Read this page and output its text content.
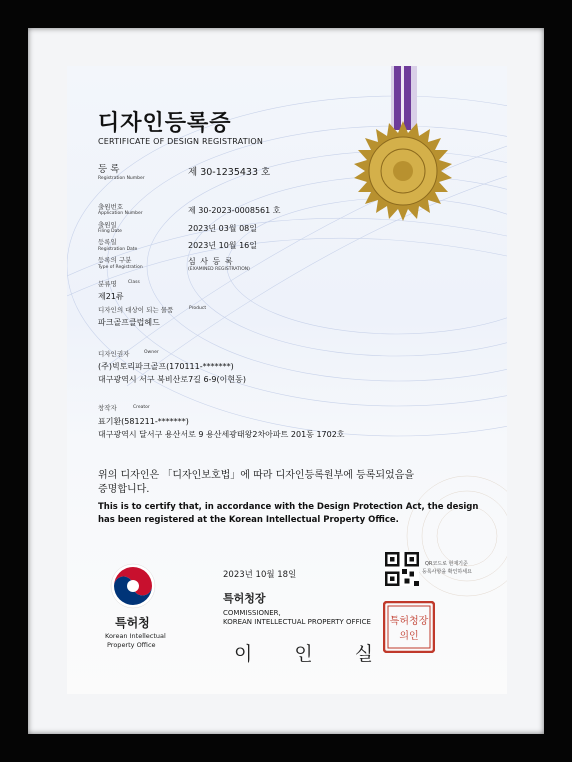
디자인등록증
CERTIFICATE OF DESIGN REGISTRATION
등 록
Registration Number
제 30-1235433 호
출원번호
Application Number	제 30-2023-0008561 호
출원일
Filing Date	2023년 03월 08일
등록일
Registration Date	2023년 10월 16일
등록의 구분
Type of Registration
심 사 등 록
(EXAMINED REGISTRATION)
분류명 Class
제21류
디자인의 대상이 되는 물품	Product
파크골프클럽헤드
디자인권자	Owner
(주)빅토리파크골프(170111-*******)
대구광역시 서구 북비산로7길 6-9(이현동)
창작자	Creator
표기환(581211-*******)
대구광역시 달서구 용산서로 9 용산세광태왕2차아파트 201동 1702호
위의 디자인은 「디자인보호법」에 따라 디자인등록원부에 등록되었음을
증명합니다.
This is to certify that, in accordance with the Design Protection Act, the design
has been registered at the Korean Intellectual Property Office.
QR코드로 현재기준
등록사항을 확인하세요
2023년 10월 18일
특허청장
COMMISSIONER,
KOREAN INTELLECTUAL PROPERTY OFFICE
이 인 실
특허청장
의인
특허청
Korean Intellectual
Property Office
